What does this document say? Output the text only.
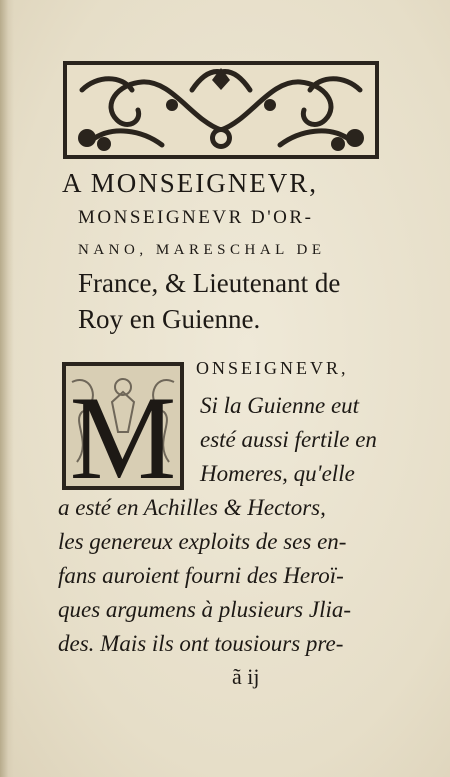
A MONSEIGNEVR,
MONSEIGNEVR D'OR-
NANO, MARESCHAL DE
France, & Lieutenant de
Roy en Guienne.
M
ONSEIGNEVR,
Si la Guienne eut
esté aussi fertile en
Homeres, qu'elle
a esté en Achilles & Hectors,
les genereux exploits de ses en-
fans auroient fourni des Heroï-
ques argumens à plusieurs Jlia-
des. Mais ils ont tousiours pre-
ã ij
